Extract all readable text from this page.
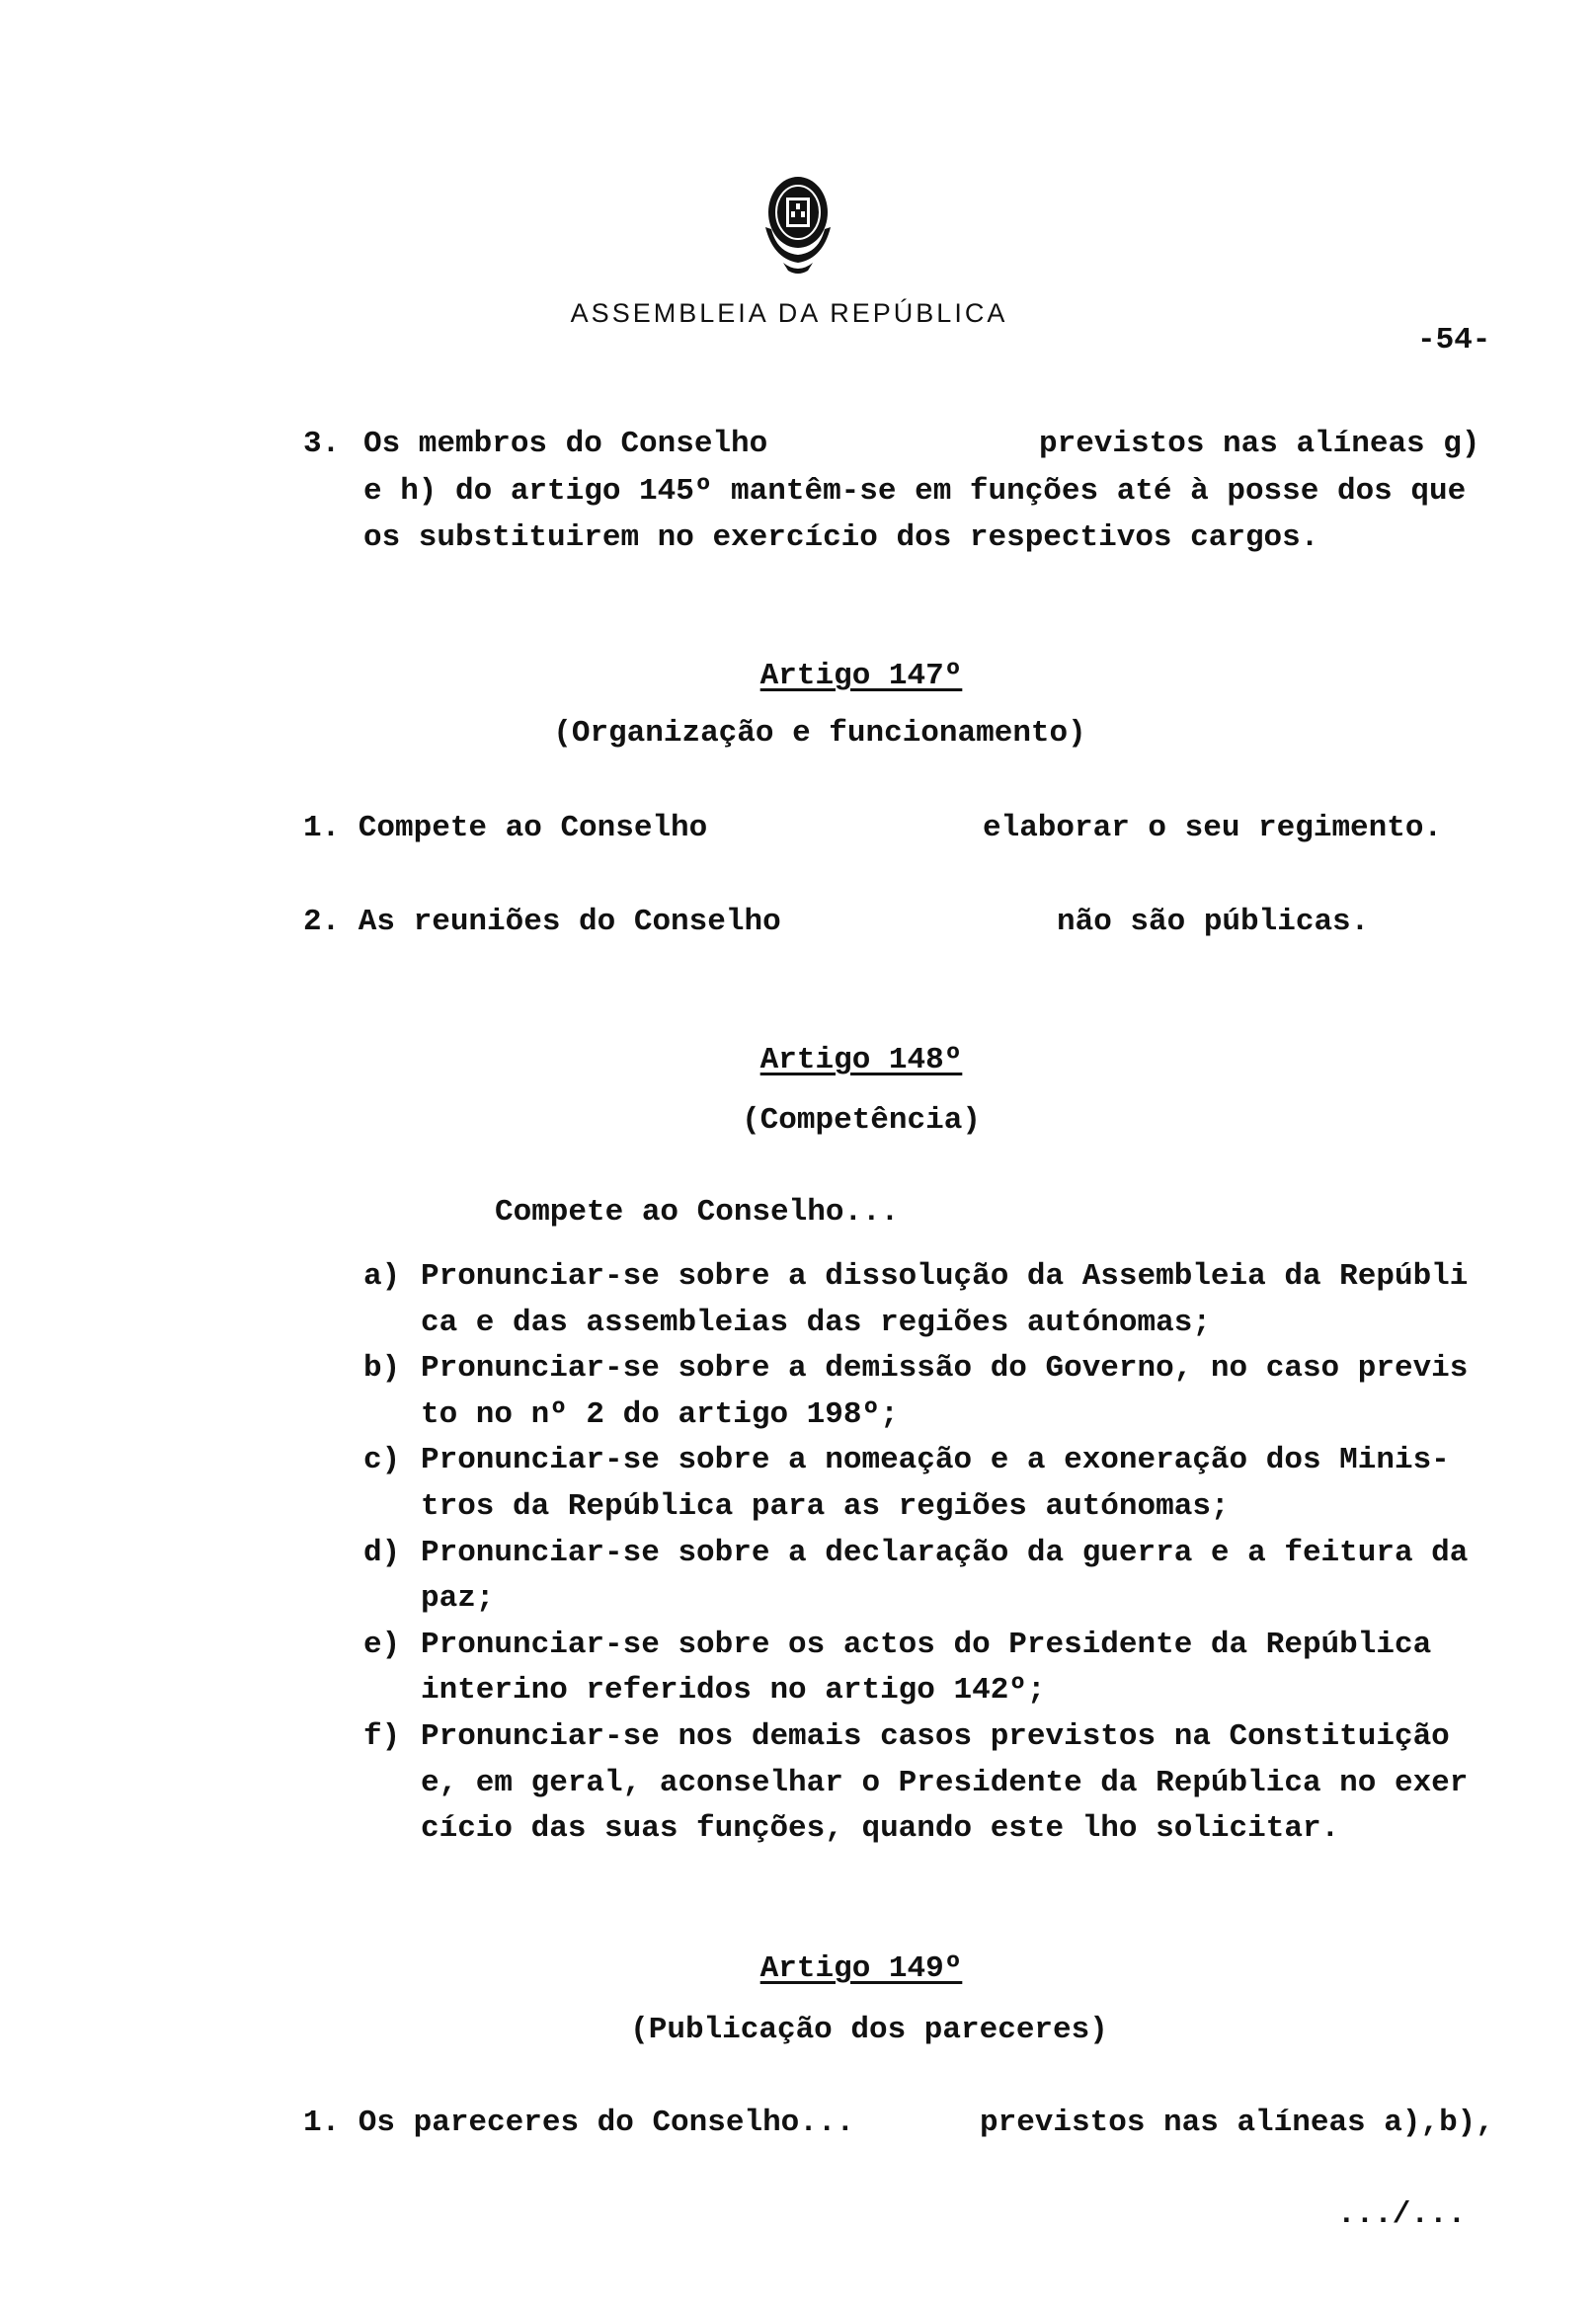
ASSEMBLEIA DA REPÚBLICA
-54-
3. Os membros do Conselho	previstos nas alíneas g)
e h) do artigo 145º mantêm-se em funções até à posse dos que
os substituirem no exercício dos respectivos cargos.
Artigo 147º
(Organização e funcionamento)
1. Compete ao Conselho	elaborar o seu regimento.
2. As reuniões do Conselho	não são públicas.
Artigo 148º
(Competência)
Compete ao Conselho...
a) Pronunciar-se sobre a dissolução da Assembleia da Repúbli
ca e das assembleias das regiões autónomas;
b) Pronunciar-se sobre a demissão do Governo, no caso previs
to no nº 2 do artigo 198º;
c) Pronunciar-se sobre a nomeação e a exoneração dos Minis-
tros da República para as regiões autónomas;
d) Pronunciar-se sobre a declaração da guerra e a feitura da
paz;
e) Pronunciar-se sobre os actos do Presidente da República
interino referidos no artigo 142º;
f) Pronunciar-se nos demais casos previstos na Constituição
e, em geral, aconselhar o Presidente da República no exer
cício das suas funções, quando este lho solicitar.
Artigo 149º
(Publicação dos pareceres)
1. Os pareceres do Conselho...	previstos nas alíneas a),b),
.../...
